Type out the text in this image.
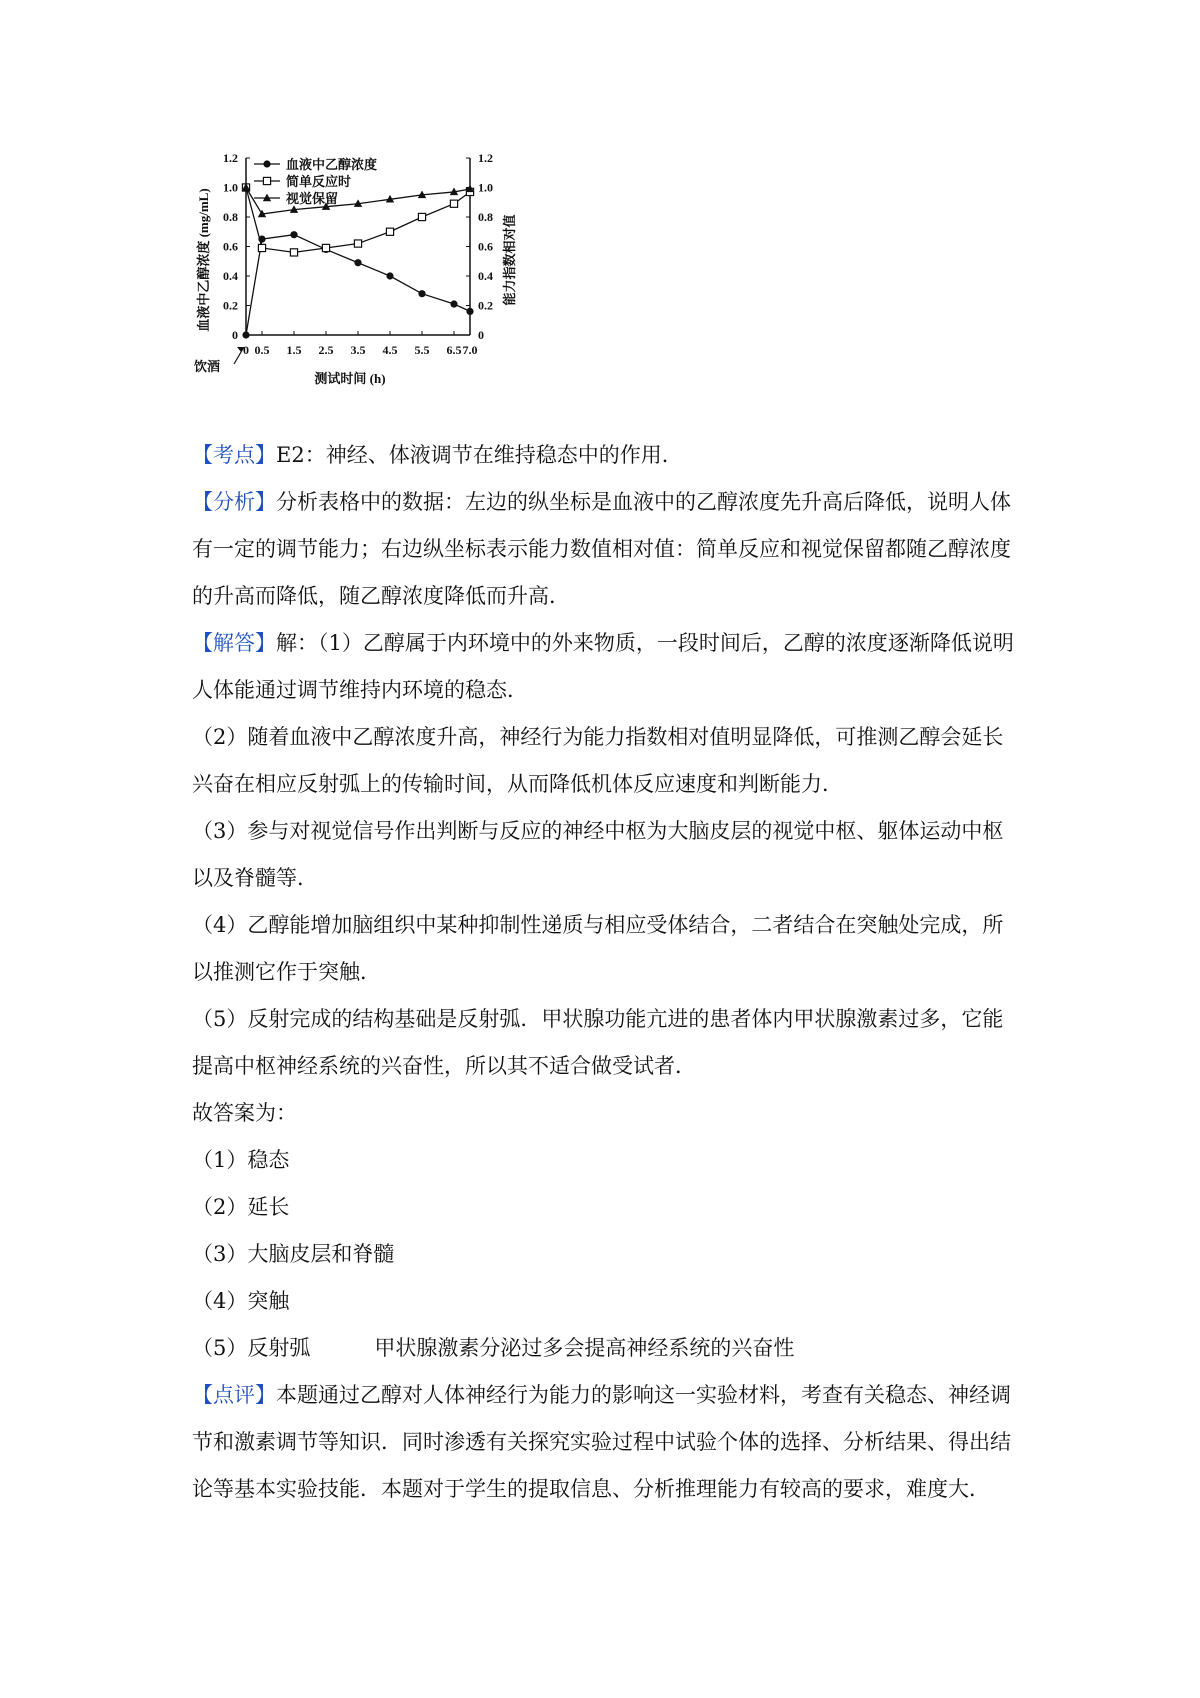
0	0
0.2	0.2
0.4	0.4
0.6	0.6
0.8	0.8
1.0	1.0
1.2	1.2
0 0.5 1.5 2.5 3.5 4.5 5.5 6.5 7.0
血液中乙醇浓度
简单反应时
视觉保留
测试时间 (h)
饮酒
血液中乙醇浓度 (mg/mL)	能力指数相对值

【考点】E2：神经、体液调节在维持稳态中的作用．

【分析】分析表格中的数据：左边的纵坐标是血液中的乙醇浓度先升高后降低，说明人体有一定的调节能力；右边纵坐标表示能力数值相对值：简单反应和视觉保留都随乙醇浓度的升高而降低，随乙醇浓度降低而升高．

【解答】解：（1）乙醇属于内环境中的外来物质，一段时间后，乙醇的浓度逐渐降低说明人体能通过调节维持内环境的稳态．

（2）随着血液中乙醇浓度升高，神经行为能力指数相对值明显降低，可推测乙醇会延长兴奋在相应反射弧上的传输时间，从而降低机体反应速度和判断能力．

（3）参与对视觉信号作出判断与反应的神经中枢为大脑皮层的视觉中枢、躯体运动中枢以及脊髓等．

（4）乙醇能增加脑组织中某种抑制性递质与相应受体结合，二者结合在突触处完成，所以推测它作于突触．

（5）反射完成的结构基础是反射弧．甲状腺功能亢进的患者体内甲状腺激素过多，它能提高中枢神经系统的兴奋性，所以其不适合做受试者．

故答案为：

（1）稳态

（2）延长

（3）大脑皮层和脊髓

（4）突触

（5）反射弧	甲状腺激素分泌过多会提高神经系统的兴奋性

【点评】本题通过乙醇对人体神经行为能力的影响这一实验材料，考查有关稳态、神经调节和激素调节等知识．同时渗透有关探究实验过程中试验个体的选择、分析结果、得出结论等基本实验技能．本题对于学生的提取信息、分析推理能力有较高的要求，难度大．
